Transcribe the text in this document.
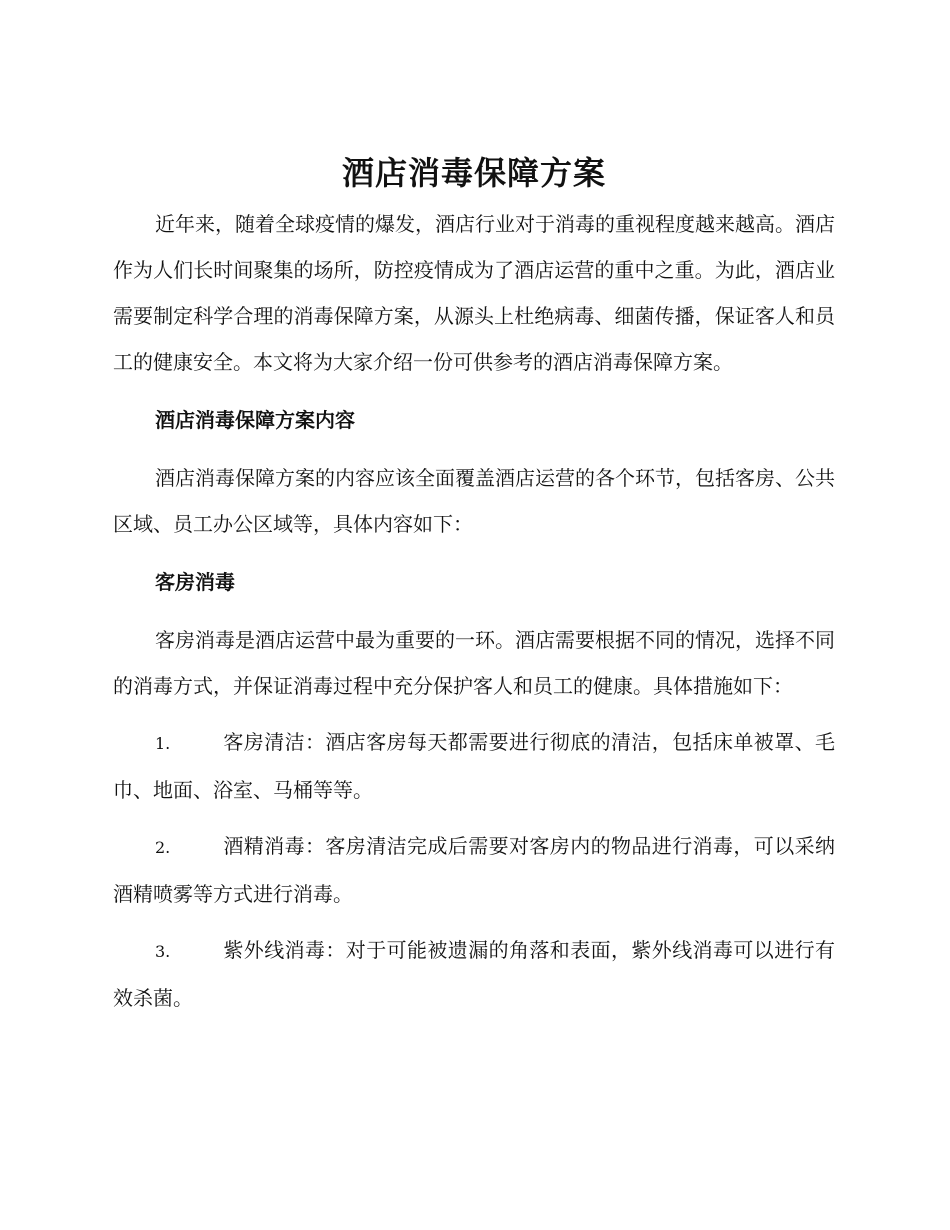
酒店消毒保障方案

近年来，随着全球疫情的爆发，酒店行业对于消毒的重视程度越来越高。酒店作为人们长时间聚集的场所，防控疫情成为了酒店运营的重中之重。为此，酒店业需要制定科学合理的消毒保障方案，从源头上杜绝病毒、细菌传播，保证客人和员工的健康安全。本文将为大家介绍一份可供参考的酒店消毒保障方案。

酒店消毒保障方案内容

酒店消毒保障方案的内容应该全面覆盖酒店运营的各个环节，包括客房、公共区域、员工办公区域等，具体内容如下：

客房消毒

客房消毒是酒店运营中最为重要的一环。酒店需要根据不同的情况，选择不同的消毒方式，并保证消毒过程中充分保护客人和员工的健康。具体措施如下：

1.	客房清洁：酒店客房每天都需要进行彻底的清洁，包括床单被罩、毛巾、地面、浴室、马桶等等。

2.	酒精消毒：客房清洁完成后需要对客房内的物品进行消毒，可以采纳酒精喷雾等方式进行消毒。

3.	紫外线消毒：对于可能被遗漏的角落和表面，紫外线消毒可以进行有效杀菌。
